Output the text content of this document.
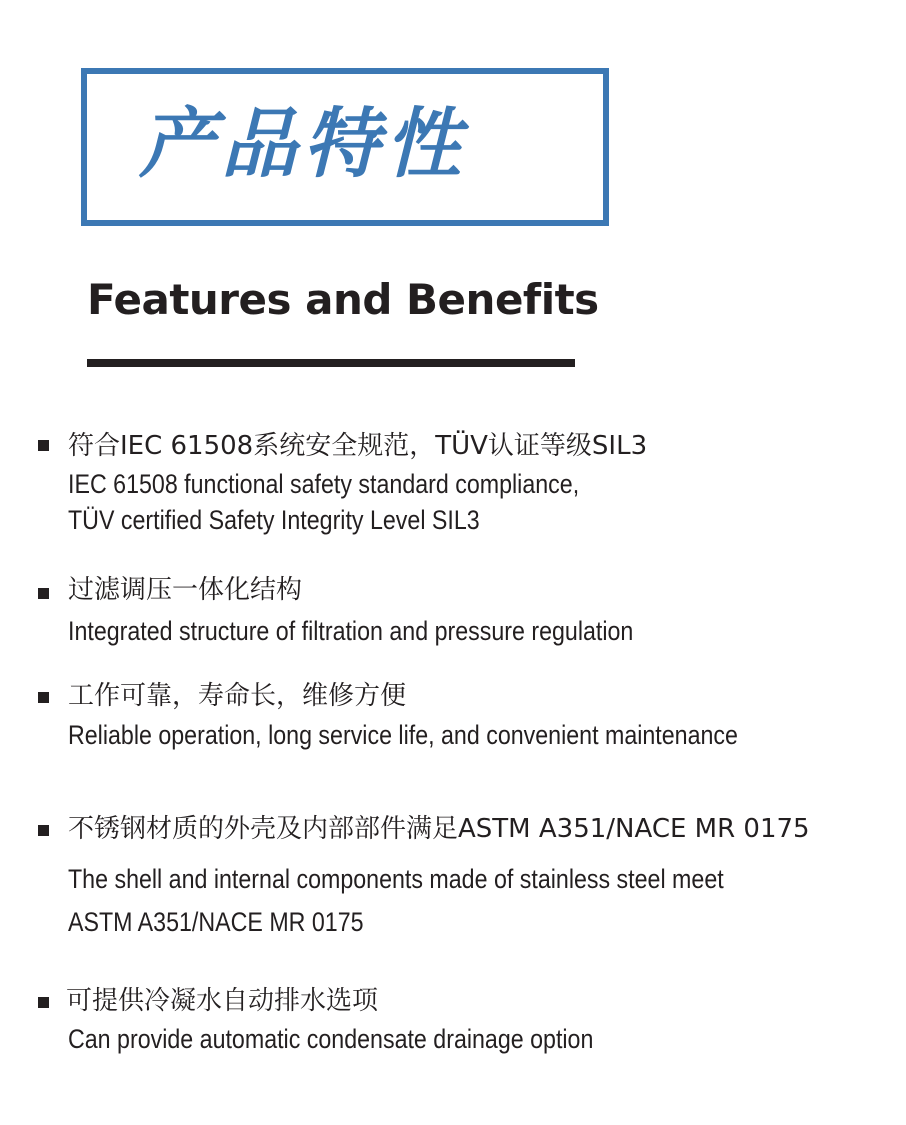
产品特性
Features and Benefits
符合IEC 61508系统安全规范，TÜV认证等级SIL3
IEC 61508 functional safety standard compliance,
TÜV certified Safety Integrity Level SIL3
过滤调压一体化结构
Integrated structure of filtration and pressure regulation
工作可靠，寿命长，维修方便
Reliable operation, long service life, and convenient maintenance
不锈钢材质的外壳及内部部件满足ASTM A351/NACE MR 0175
The shell and internal components made of stainless steel meet
ASTM A351/NACE MR 0175
可提供冷凝水自动排水选项
Can provide automatic condensate drainage option
